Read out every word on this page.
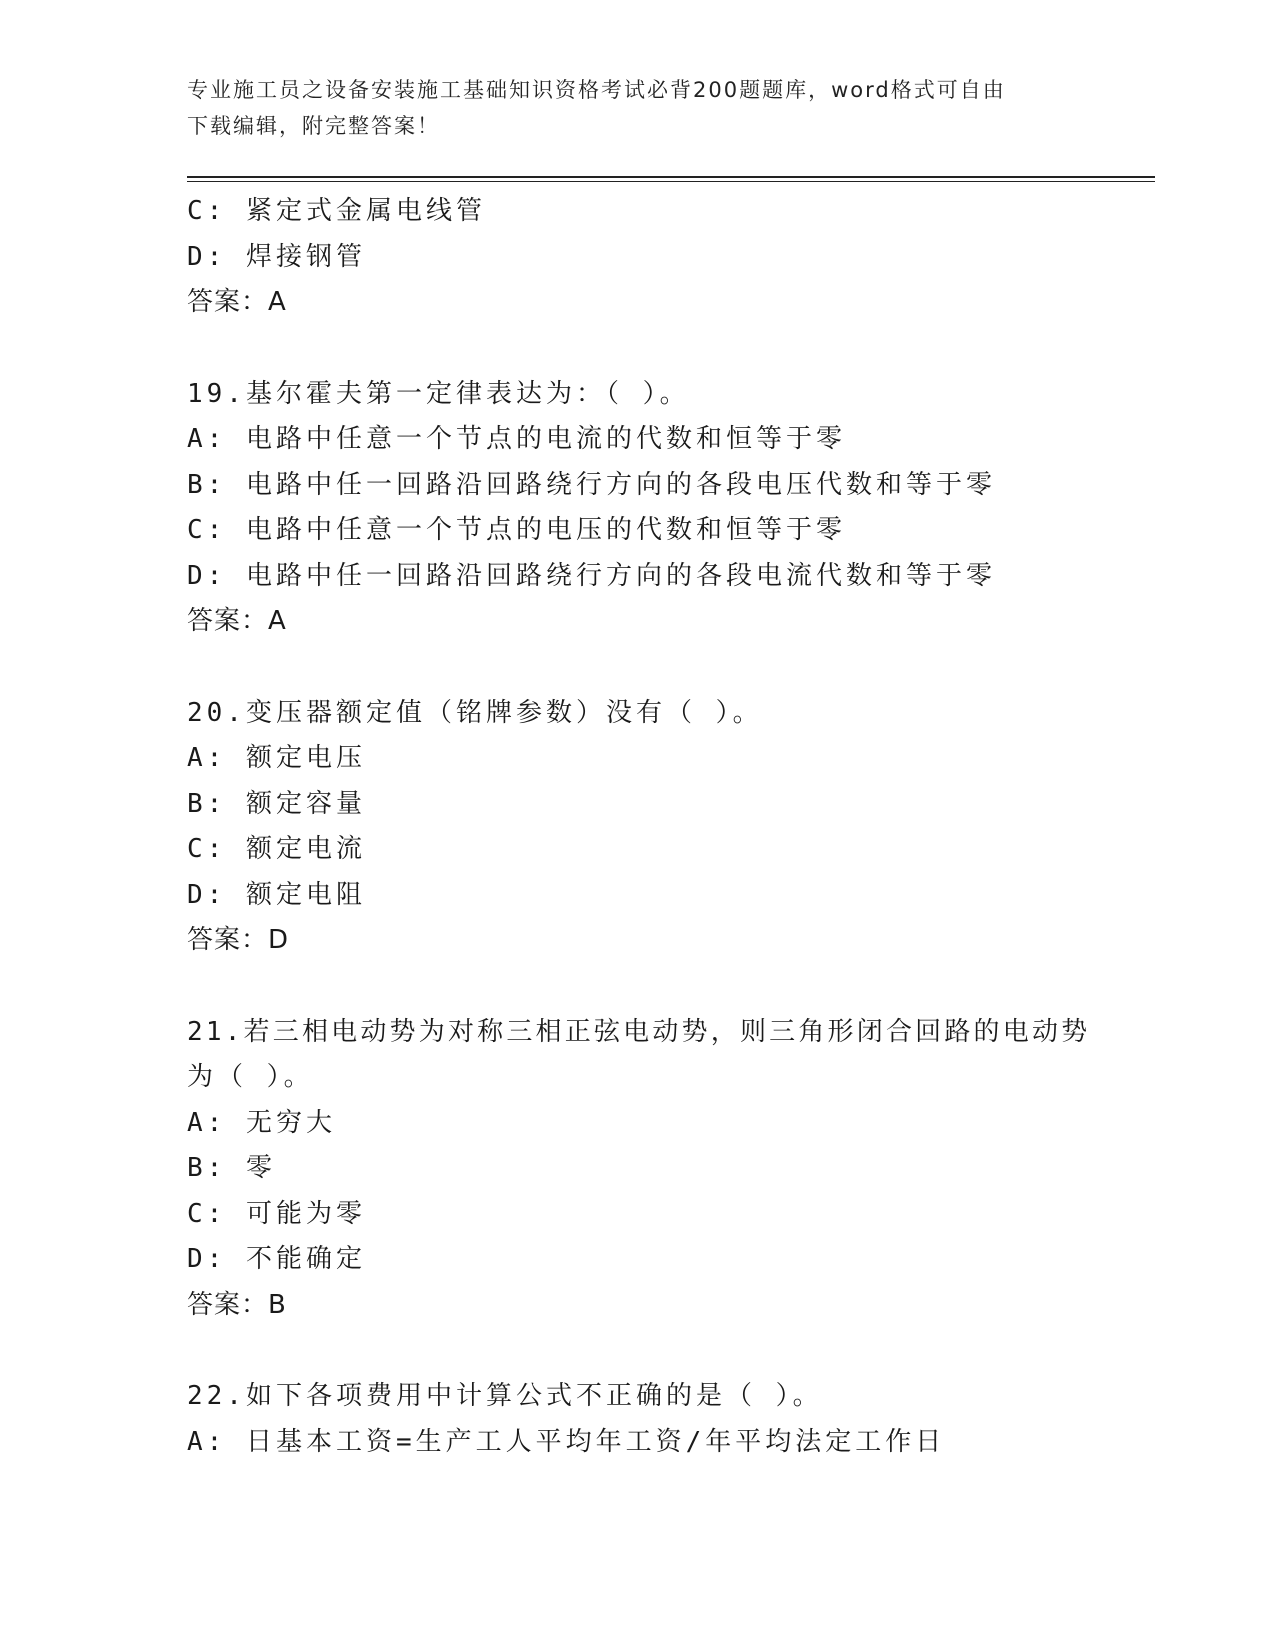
专业施工员之设备安装施工基础知识资格考试必背200题题库，word格式可自由
下载编辑，附完整答案！
C: 紧定式金属电线管
D: 焊接钢管
答案：A
19.基尔霍夫第一定律表达为：（ ）。
A: 电路中任意一个节点的电流的代数和恒等于零
B: 电路中任一回路沿回路绕行方向的各段电压代数和等于零
C: 电路中任意一个节点的电压的代数和恒等于零
D: 电路中任一回路沿回路绕行方向的各段电流代数和等于零
答案：A
20.变压器额定值（铭牌参数）没有（ ）。
A: 额定电压
B: 额定容量
C: 额定电流
D: 额定电阻
答案：D
21.若三相电动势为对称三相正弦电动势，则三角形闭合回路的电动势
为（ ）。
A: 无穷大
B: 零
C: 可能为零
D: 不能确定
答案：B
22.如下各项费用中计算公式不正确的是（ ）。
A: 日基本工资=生产工人平均年工资/年平均法定工作日
